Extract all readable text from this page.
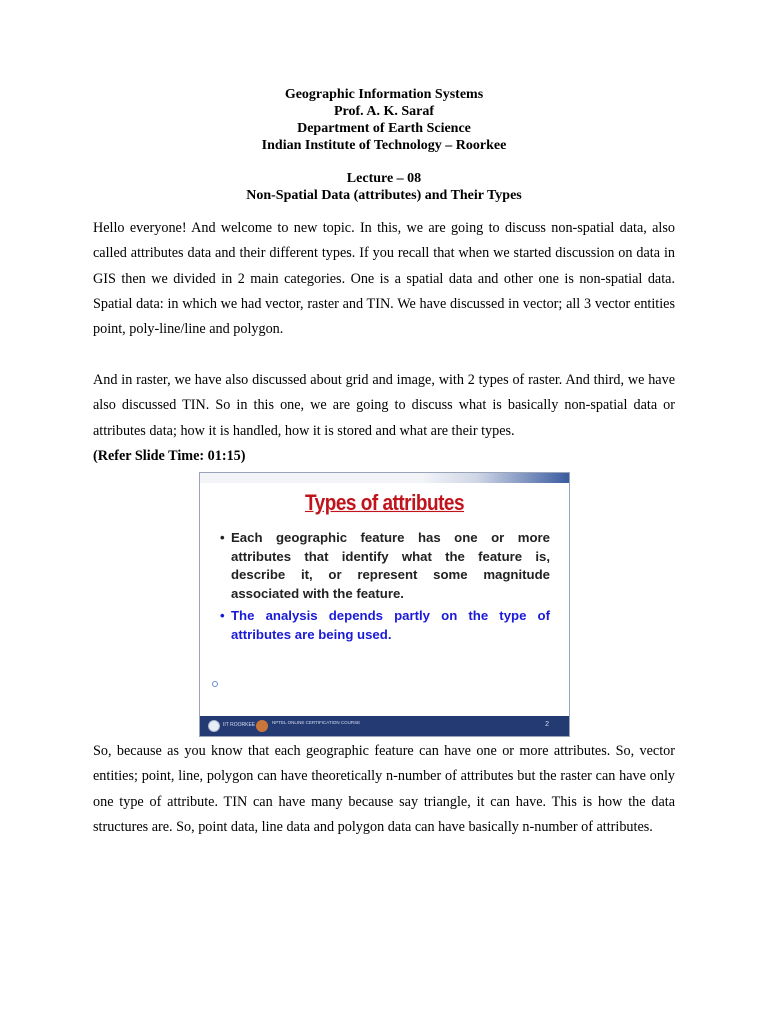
Geographic Information Systems
Prof. A. K. Saraf
Department of Earth Science
Indian Institute of Technology – Roorkee
Lecture – 08
Non-Spatial Data (attributes) and Their Types

Hello everyone! And welcome to new topic. In this, we are going to discuss non-spatial data, also called attributes data and their different types. If you recall that when we started discussion on data in GIS then we divided in 2 main categories. One is a spatial data and other one is non-spatial data. Spatial data: in which we had vector, raster and TIN. We have discussed in vector; all 3 vector entities point, poly-line/line and polygon.

And in raster, we have also discussed about grid and image, with 2 types of raster. And third, we have also discussed TIN. So in this one, we are going to discuss what is basically non-spatial data or attributes data; how it is handled, how it is stored and what are their types.

(Refer Slide Time: 01:15)
Types of attributes
• Each geographic feature has one or more attributes that identify what the feature is, describe it, or represent some magnitude associated with the feature.
• The analysis depends partly on the type of attributes are being used.
IIT ROORKEE	NPTEL ONLINE CERTIFICATION COURSE	2

So, because as you know that each geographic feature can have one or more attributes. So, vector entities; point, line, polygon can have theoretically n-number of attributes but the raster can have only one type of attribute. TIN can have many because say triangle, it can have. This is how the data structures are. So, point data, line data and polygon data can have basically n-number of attributes.
